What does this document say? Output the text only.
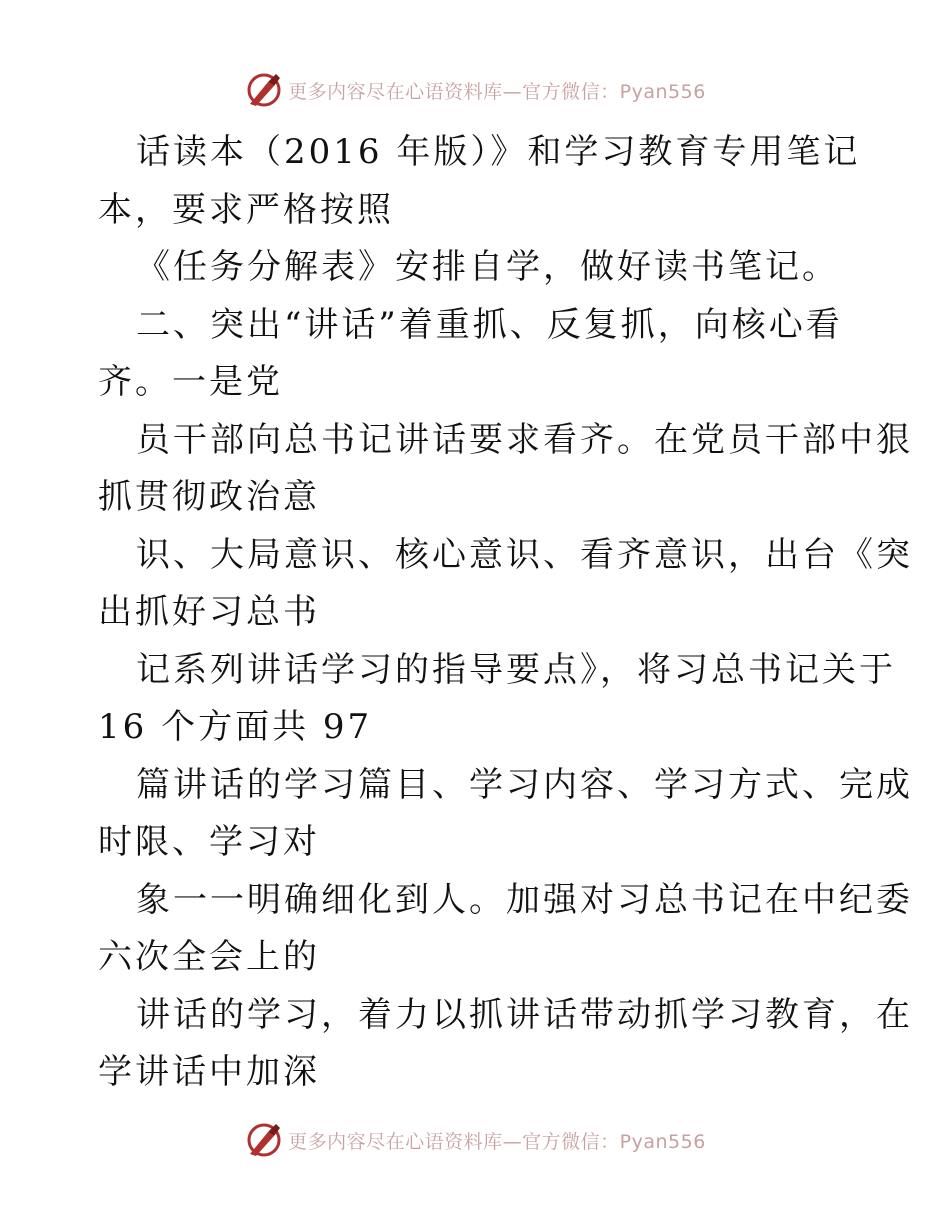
更多内容尽在心语资料库—官方微信：Pyan556
话读本（2016 年版）》和学习教育专用笔记
本，要求严格按照
《任务分解表》安排自学，做好读书笔记。
二、突出“讲话”着重抓、反复抓，向核心看
齐。一是党
员干部向总书记讲话要求看齐。在党员干部中狠
抓贯彻政治意
识、大局意识、核心意识、看齐意识，出台《突
出抓好习总书
记系列讲话学习的指导要点》，将习总书记关于
16 个方面共 97
篇讲话的学习篇目、学习内容、学习方式、完成
时限、学习对
象一一明确细化到人。加强对习总书记在中纪委
六次全会上的
讲话的学习，着力以抓讲话带动抓学习教育，在
学讲话中加深
更多内容尽在心语资料库—官方微信：Pyan556
